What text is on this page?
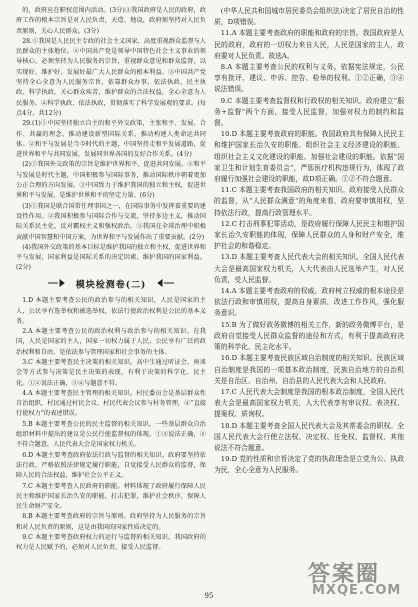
的，政府应在职权范围内活动。(3分)③我国政府是人民的政府，政府工作的根本宗旨是对人民负责，天造、地设，政府须坚持对人民负责原则，关心人民群众。(3分)

28.①我国是人民民主专政的社会主义国家，高度重视群众监督与人民群众的主体地位。②中国共产党是领导中国特色社会主义事业的领导核心，必须坚持为人民服务的宗旨，重视群众意见和群众监督，以实现好、维护好、发展好最广大人民群众的根本利益。③中国共产党坚持全心全意为人民服务宗旨，依靠群众办事，依法执政，民主执政、科学执政，关心群众疾苦，维护群众的合法权益，全心全意为人民服务。④科学执政、依法执政，贯彻落实了科学发展观的要求。(每点4分，共12分)

29.(1)①中国坚持独立自主的和平外交政策，主张和平、发展、合作、共赢的理念，推动建设新型国际关系，推动构建人类命运共同体。②和平与发展是当今时代的主题，中国坚持走和平发展道路，促进世界和平与共同发展，发展同世界各国的友好合作关系。(4分)

(2)①我国外交政策的宗旨是维护世界和平、促进共同发展。②和平与发展是时代主题，中国积极参与国际事务，推动国际秩序朝着更加公正合理的方向发展。③中国致力于维护我国的独立和主权，促进世界和平与发展，是维护世界和平的坚定力量。(6分)

(3)①我国是联合国常任理事国之一，在国际事务中发挥着重要的建设性作用。②我国积极参与国际合作与交流，坚持多边主义，推动国际关系民主化，反对霸权主义和强权政治。③我国在全球治理中积极贡献中国智慧和中国方案，为世界和平与发展作出了重要贡献。(2分)

(4)我国外交政策的基本目标是维护我国的独立和主权，促进世界和平与发展，国家利益是国际关系的决定因素，维护我国的国家利益。(2分)

模块检测卷(二)

1.D 本题主要考查公民的政治参与的相关知识，人民是国家的主人，公民享有选举权和被选举权，依法行使政治权利是公民的基本义务。

2.A 本题主要考查公民的政治权利与政治参与的相关知识。在我国，人民是国家的主人，国家一切权力属于人民，公民享有广泛的政治权利和自由，是依法参与管理国家和社会事务的主体。

3.C 本题主要考查民主决策的相关知识。高中生通过听证会、座谈会等方式参与决策是民主决策的表现，有利于决策的科学化、民主化。①②说法正确，③④与题意不符。

4.A 本题主要考查民主管理的相关知识。村民委员会是基层群众性自治组织，村民通过村民会议、村民代表会议参与村务管理，④“直接行使权力”的表述错误。

5.B 本题主要考查公民的民主监督的相关知识。一些基层群众自治组织材料中提出的建议是公民行使监督权的体现。①③说法正确，②不符合题意，人民代表大会是国家权力机关。

6.D 本题主要考查政府依法行政与监督的相关知识。政府要坚持依法行政，严格依照法律规定履行职能，自觉接受人民群众的监督，保障人民的合法权益，维护社会公平正义。

7.C 本题主要考查人民政府的职能。材料体现了政府履行保障人民民主和维护国家长治久安的职能，打击犯罪，维护社会秩序，保障人民生命财产安全。

8.B 本题主要考查政府的宗旨与原则。政府坚持为人民服务的宗旨和对人民负责的原则，这是由我国的国家性质决定的。

9.C 本题主要考查政府权力的运行与监督的相关知识。我国政府的权力是人民赋予的，必须对人民负责，接受人民监督。

(中华人民共和国城市居民委员会组织法)决定了居民自治的性质，D项错误。

11.A 本题主要考查政府的职能和政府的宗旨。我国政府是人民的政府，政府的一切权力来自人民，人民是国家的主人，政府要对人民负责。故选A。

8.A 本题主要考查公民的权利与义务。依据宪法规定，公民享有批评、建议、申诉、控告、检举的权利。①②正确，③④说法错误。

9.C 本题主要考查监督权和行政权的相关知识。政府建立“服务+监督”两个方面，接受人民监督，加强对权力的制约和监督。

10.D 本题主要考查政府的职能。我国政府具有保障人民民主和维护国家长治久安的职能、组织社会主义经济建设的职能、组织社会主义文化建设的职能、加强社会建设的职能。依据“国家卫生和计划生育委员会”，严惩医疗机构违规行为，体现了政府履行加强社会建设的职能，故D项正确。①②不符合题意。

11.C 本题主要考查我国政府的相关知识。政府接受人民群众的监督，从“人民群众满意”的角度来看，政府要审慎用权，坚持依法行政，提高行政管理水平。

12.C 打击刑事犯罪活动，是政府履行保障人民民主和维护国家长治久安职能的体现，保障人民群众的人身和财产安全，维护社会的和谐稳定。

13.D 本题主要考查人民代表大会的相关知识。全国人民代表大会是最高国家权力机关，人大代表由人民选举产生，对人民负责，受人民监督。

14.A 本题主要考查政府的权威。政府树立权威的根本途径是依法行政和审慎用权，提高自身素质，改进工作作风，强化服务意识。

15.B 为了做好政务微博的相关工作，新的政务微博平台，是政府自觉接受人民群众监督的途径和方式，有利于提高政府决策的科学化、民主化水平。

16.D 本题主要考查民族区域自治制度的相关知识。民族区域自治制度是我国的一项基本政治制度，民族自治地方的自治机关是自治区、自治州、自治县的人民代表大会和人民政府。

17.C 人民代表大会制度是我国的根本政治制度，全国人民代表大会是最高国家权力机关，人大代表享有审议权、表决权、提案权、质询权。

18.D 本题主要考查全国人民代表大会及其常委会的职权。全国人民代表大会行使立法权、决定权、任免权、监督权，其他说法不符合题意。

19.D 党的性质和宗旨决定了党的执政理念是立党为公、执政为民，全心全意为人民服务。

95
答案圈
MXQE.COM
